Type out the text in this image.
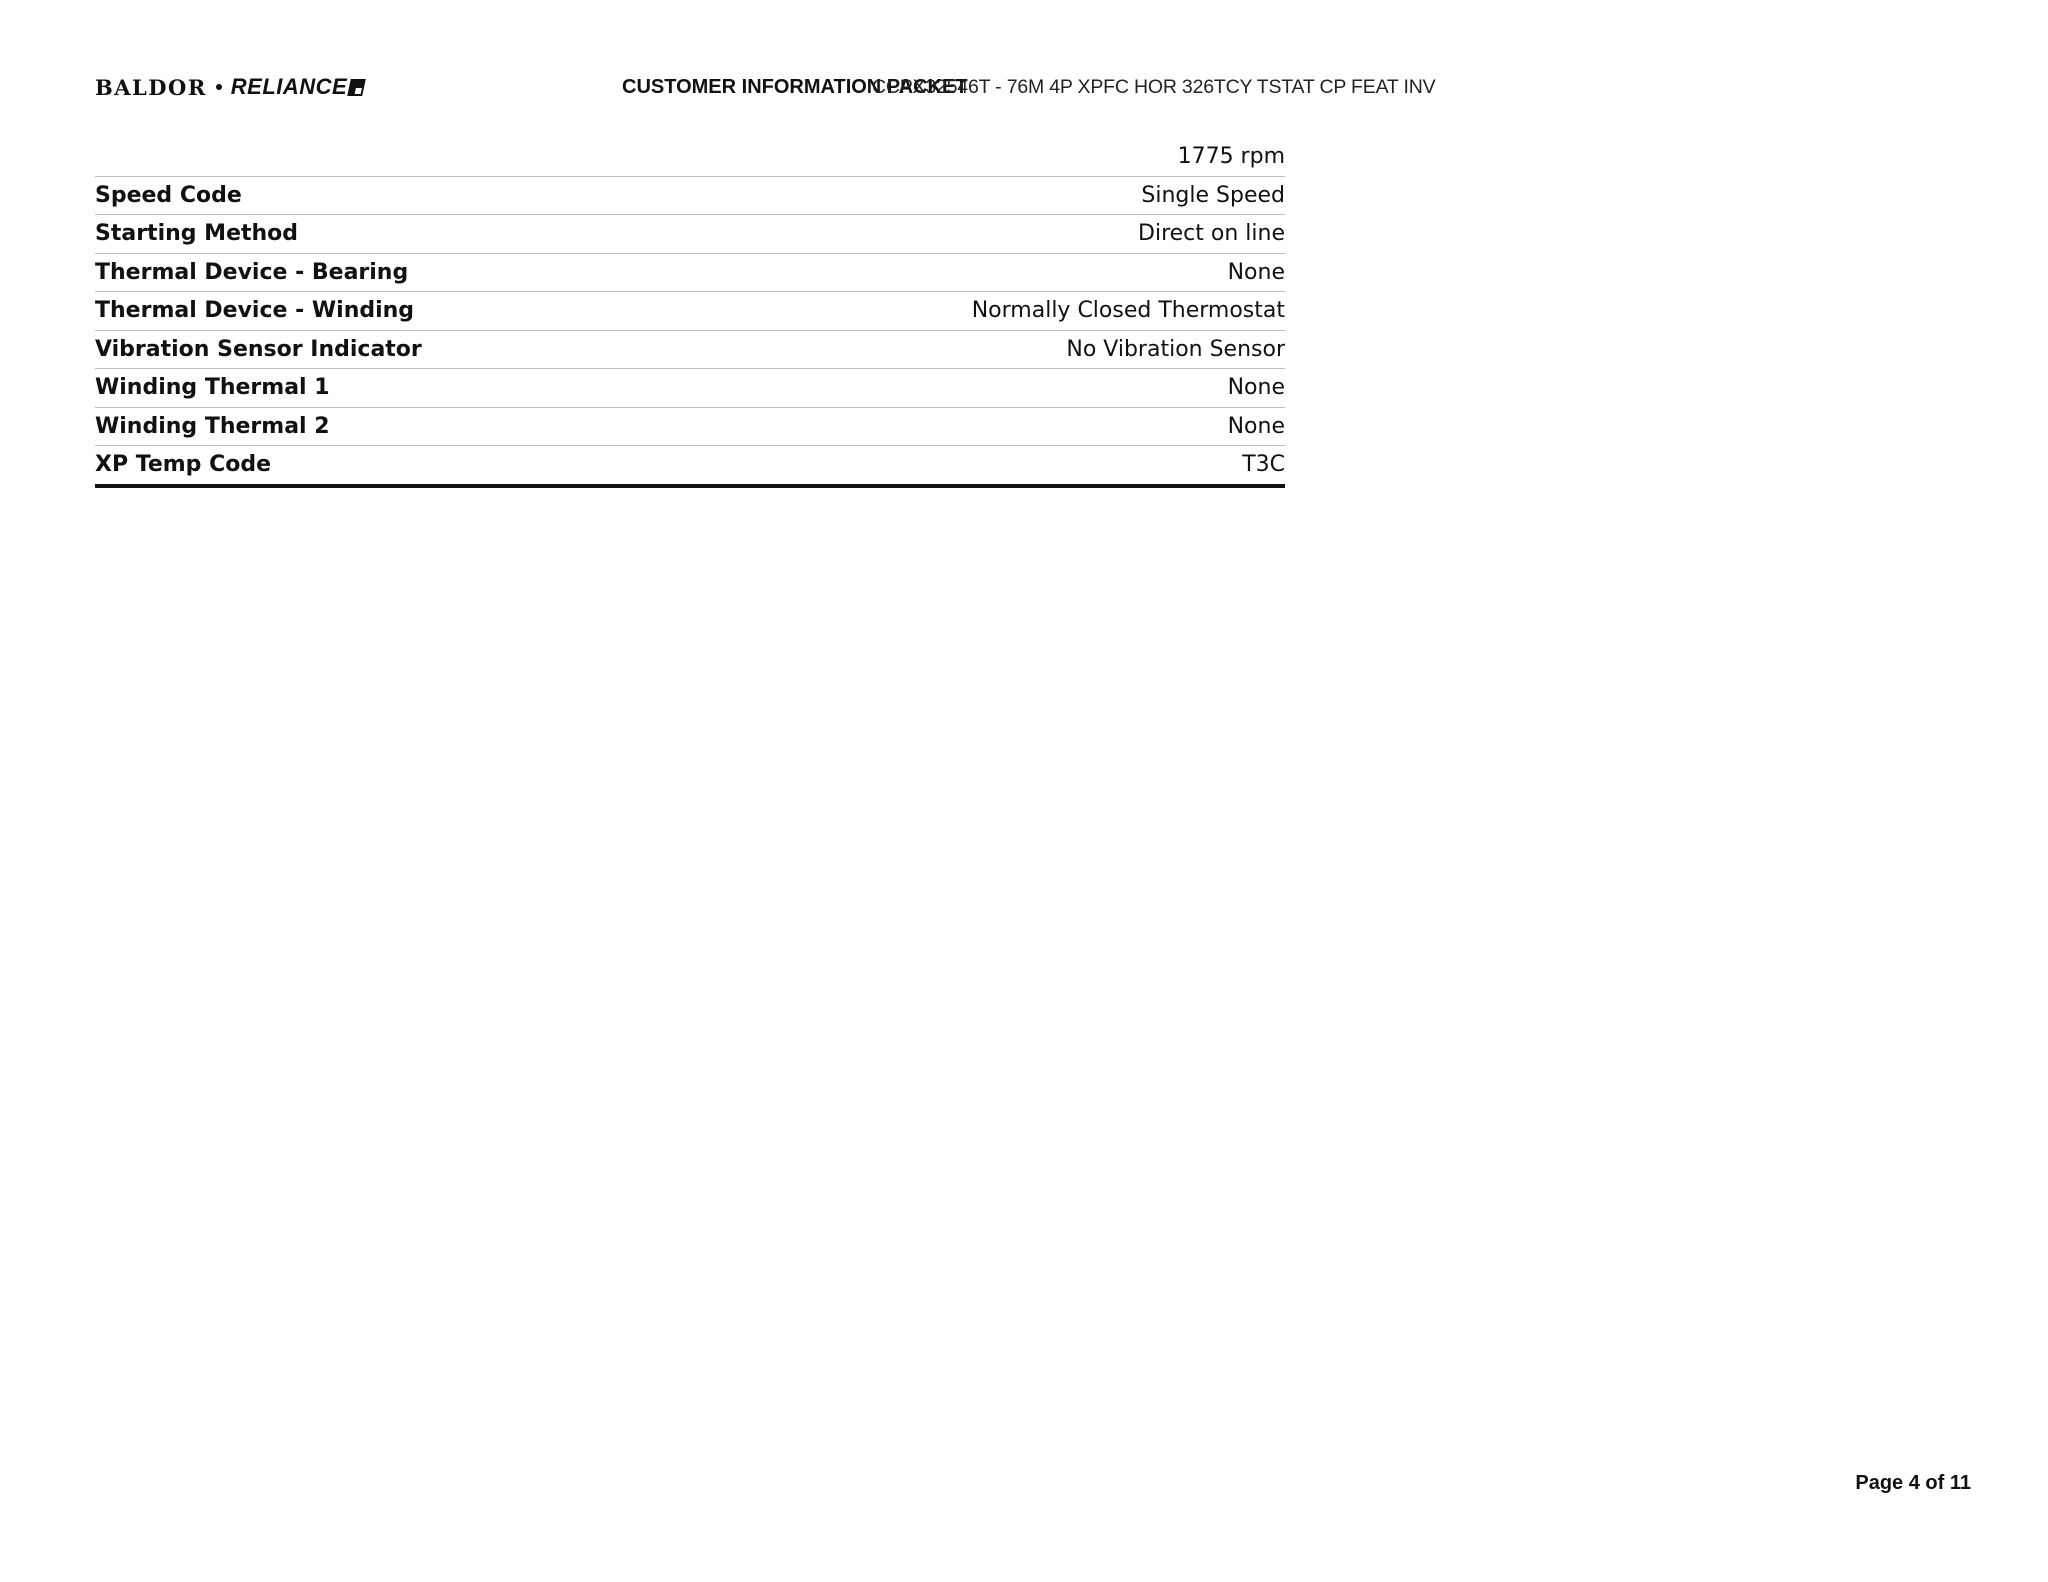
BALDOR RELIANCE	CUSTOMER INFORMATION PACKET
CCPX32546T - 76M 4P XPFC HOR 326TCY TSTAT CP FEAT INV
1775 rpm
Speed Code	Single Speed
Starting Method	Direct on line
Thermal Device - Bearing	None
Thermal Device - Winding	Normally Closed Thermostat
Vibration Sensor Indicator	No Vibration Sensor
Winding Thermal 1	None
Winding Thermal 2	None
XP Temp Code	T3C
Page 4 of 11
